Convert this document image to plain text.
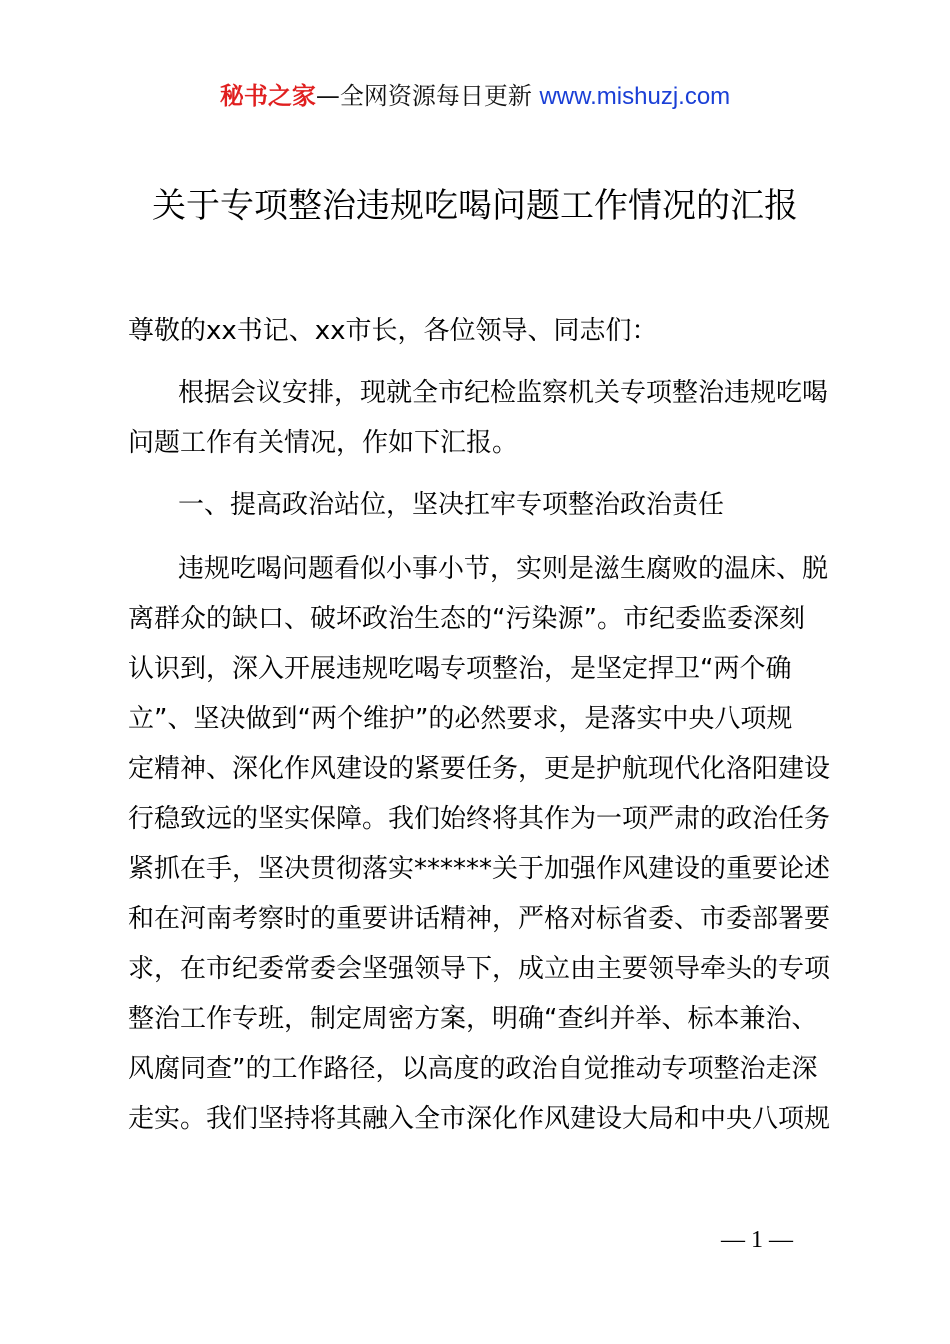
秘书之家—全网资源每日更新 www.mishuzj.com
关于专项整治违规吃喝问题工作情况的汇报
尊敬的xx书记、xx市长，各位领导、同志们：
根据会议安排，现就全市纪检监察机关专项整治违规吃喝
问题工作有关情况，作如下汇报。
一、提高政治站位，坚决扛牢专项整治政治责任
违规吃喝问题看似小事小节，实则是滋生腐败的温床、脱
离群众的缺口、破坏政治生态的“污染源”。市纪委监委深刻
认识到，深入开展违规吃喝专项整治，是坚定捍卫“两个确
立”、坚决做到“两个维护”的必然要求，是落实中央八项规
定精神、深化作风建设的紧要任务，更是护航现代化洛阳建设
行稳致远的坚实保障。我们始终将其作为一项严肃的政治任务
紧抓在手，坚决贯彻落实******关于加强作风建设的重要论述
和在河南考察时的重要讲话精神，严格对标省委、市委部署要
求，在市纪委常委会坚强领导下，成立由主要领导牵头的专项
整治工作专班，制定周密方案，明确“查纠并举、标本兼治、
风腐同查”的工作路径，以高度的政治自觉推动专项整治走深
走实。我们坚持将其融入全市深化作风建设大局和中央八项规
— 1 —
